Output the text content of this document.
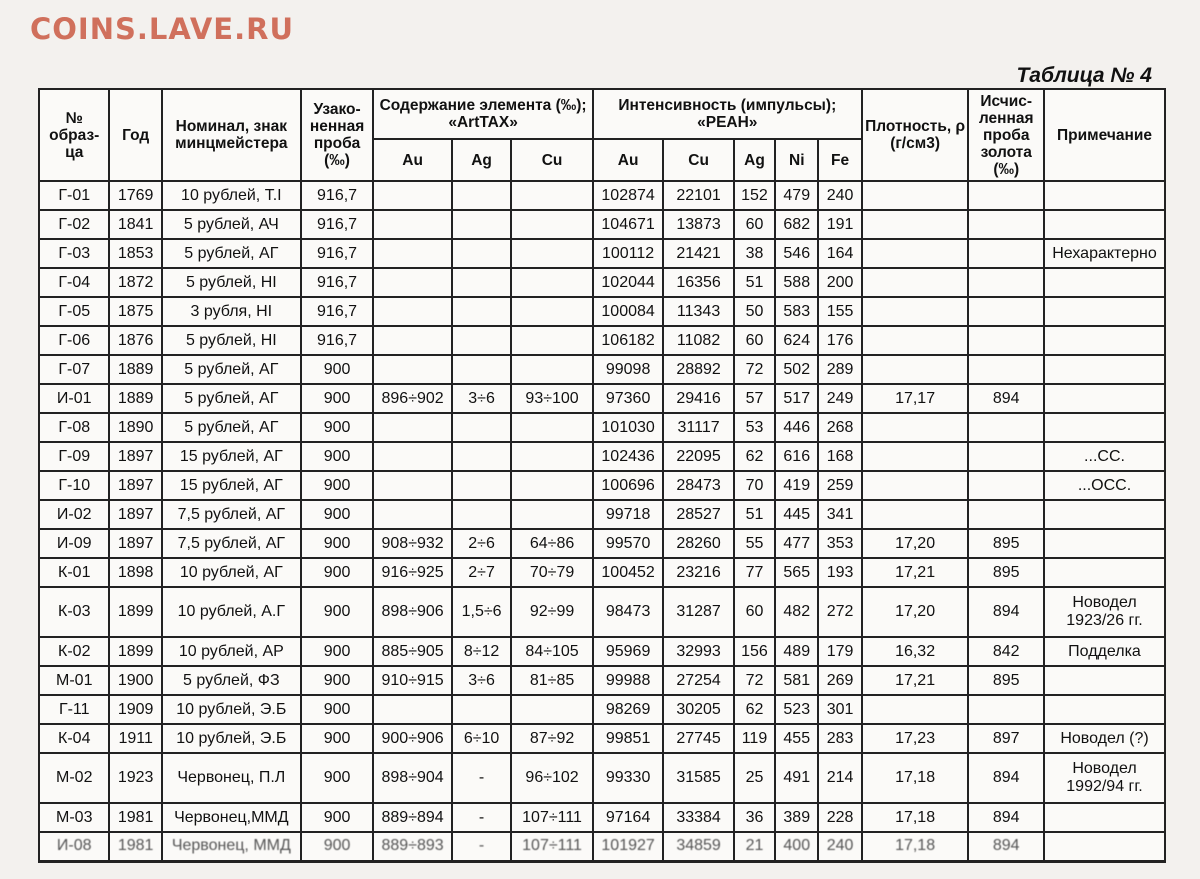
COINS.LAVE.RU
Таблица № 4
№ образ-ца	Год	Номинал, знак минцмейстера	Узако-ненная проба (‰)	Содержание элемента (‰); «ArtTAX»			Интенсивность (импульсы); «РЕАН»					Плотность, ρ (г/см3)	Исчис-ленная проба золота (‰)	Примечание
				Au	Ag	Cu	Au	Cu	Ag	Ni	Fe			
Г-01	1769	10 рублей, Т.I	916,7				102874	22101	152	479	240			
Г-02	1841	5 рублей, АЧ	916,7				104671	13873	60	682	191			
Г-03	1853	5 рублей, АГ	916,7				100112	21421	38	546	164			Нехарактерно
Г-04	1872	5 рублей, HI	916,7				102044	16356	51	588	200			
Г-05	1875	3 рубля, HI	916,7				100084	11343	50	583	155			
Г-06	1876	5 рублей, HI	916,7				106182	11082	60	624	176			
Г-07	1889	5 рублей, АГ	900				99098	28892	72	502	289			
И-01	1889	5 рублей, АГ	900	896÷902	3÷6	93÷100	97360	29416	57	517	249	17,17	894	
Г-08	1890	5 рублей, АГ	900				101030	31117	53	446	268			
Г-09	1897	15 рублей, АГ	900				102436	22095	62	616	168			...СС.
Г-10	1897	15 рублей, АГ	900				100696	28473	70	419	259			...ОСС.
И-02	1897	7,5 рублей, АГ	900				99718	28527	51	445	341			
И-09	1897	7,5 рублей, АГ	900	908÷932	2÷6	64÷86	99570	28260	55	477	353	17,20	895	
К-01	1898	10 рублей, АГ	900	916÷925	2÷7	70÷79	100452	23216	77	565	193	17,21	895	
К-03	1899	10 рублей, А.Г	900	898÷906	1,5÷6	92÷99	98473	31287	60	482	272	17,20	894	Новодел 1923/26 гг.
К-02	1899	10 рублей, АР	900	885÷905	8÷12	84÷105	95969	32993	156	489	179	16,32	842	Подделка
М-01	1900	5 рублей, ФЗ	900	910÷915	3÷6	81÷85	99988	27254	72	581	269	17,21	895	
Г-11	1909	10 рублей, Э.Б	900				98269	30205	62	523	301			
К-04	1911	10 рублей, Э.Б	900	900÷906	6÷10	87÷92	99851	27745	119	455	283	17,23	897	Новодел (?)
М-02	1923	Червонец, П.Л	900	898÷904	-	96÷102	99330	31585	25	491	214	17,18	894	Новодел 1992/94 гг.
М-03	1981	Червонец,ММД	900	889÷894	-	107÷111	97164	33384	36	389	228	17,18	894	
И-08	1981	Червонец, ММД	900	889÷893	-	107÷111	101927	34859	21	400	240	17,18	894	
